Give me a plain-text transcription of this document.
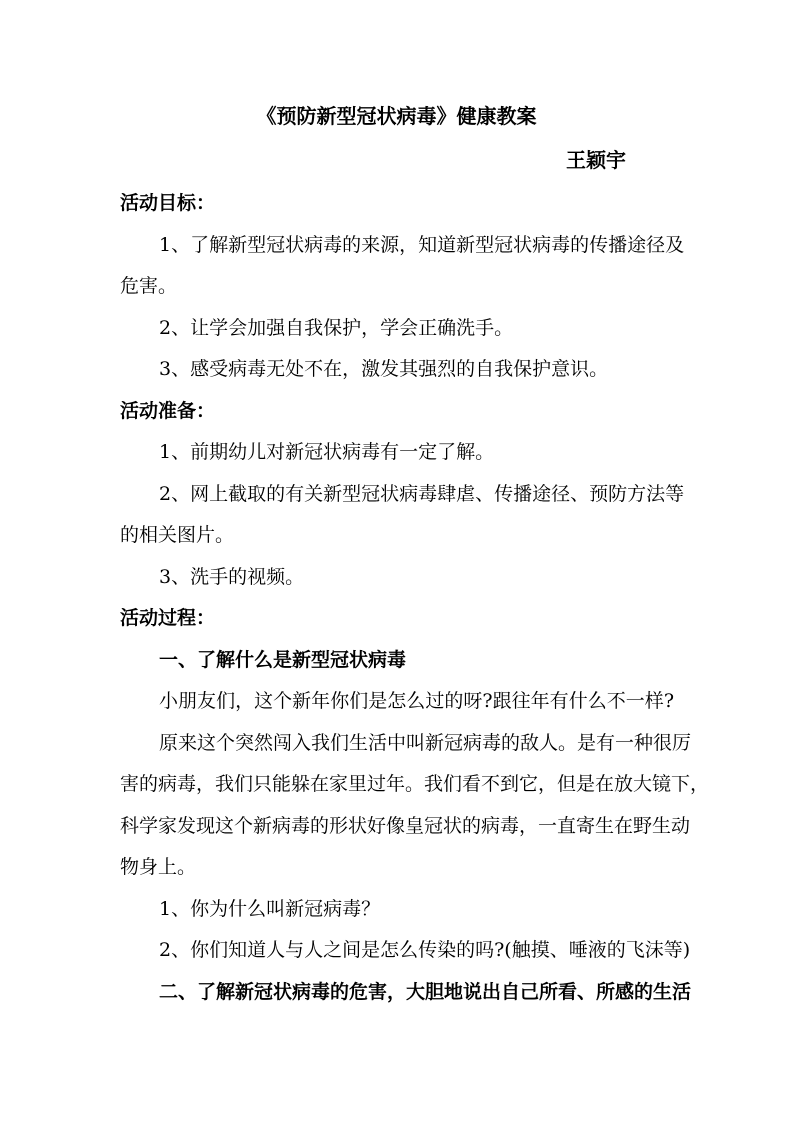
《预防新型冠状病毒》健康教案
王颖宇
活动目标：
1、了解新型冠状病毒的来源，知道新型冠状病毒的传播途径及
危害。
2、让学会加强自我保护，学会正确洗手。
3、感受病毒无处不在，激发其强烈的自我保护意识。
活动准备：
1、前期幼儿对新冠状病毒有一定了解。
2、网上截取的有关新型冠状病毒肆虐、传播途径、预防方法等
的相关图片。
3、洗手的视频。
活动过程：
一、了解什么是新型冠状病毒
小朋友们，这个新年你们是怎么过的呀?跟往年有什么不一样?
原来这个突然闯入我们生活中叫新冠病毒的敌人。是有一种很厉
害的病毒，我们只能躲在家里过年。我们看不到它，但是在放大镜下，
科学家发现这个新病毒的形状好像皇冠状的病毒，一直寄生在野生动
物身上。
1、你为什么叫新冠病毒？
2、你们知道人与人之间是怎么传染的吗?(触摸、唾液的飞沫等)
二、了解新冠状病毒的危害，大胆地说出自己所看、所感的生活
